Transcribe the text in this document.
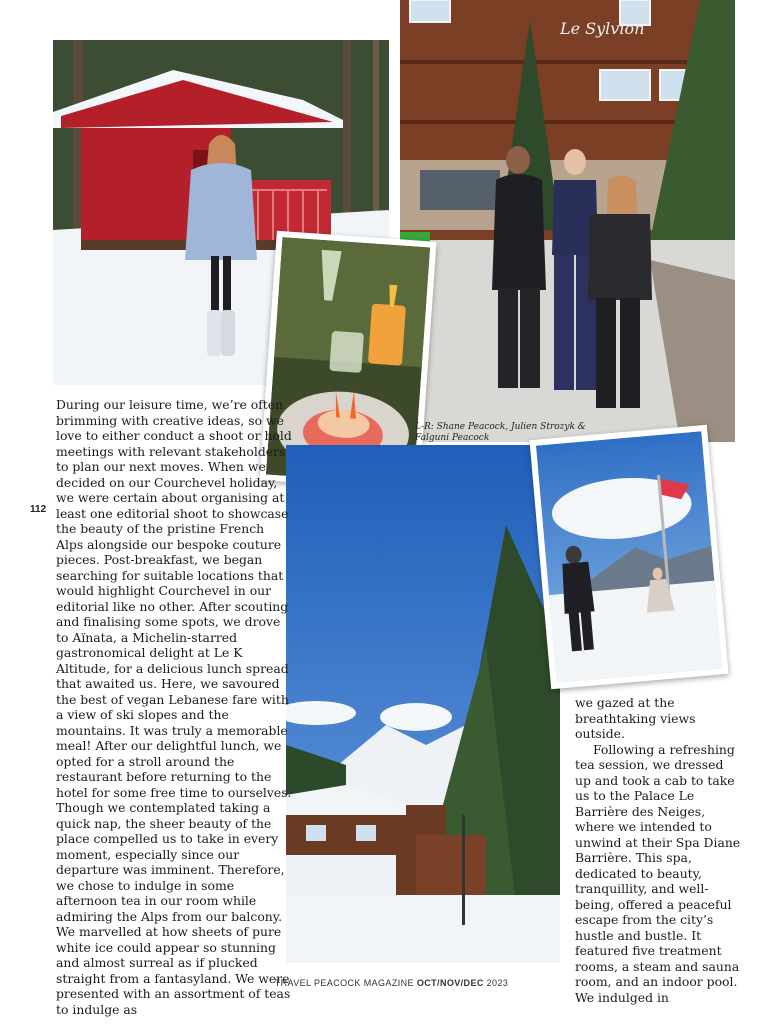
Le Sylvion
112
L-R: Shane Peacock, Julien Strozyk & Falguni Peacock

During our leisure time, we’re often brimming with creative ideas, so we love to either conduct a shoot or hold meetings with relevant stakeholders to plan our next moves. When we decided on our Courchevel holiday, we were certain about organising at least one editorial shoot to showcase the beauty of the pristine French Alps alongside our bespoke couture pieces. Post-breakfast, we began searching for suitable locations that would highlight Courchevel in our editorial like no other. After scouting and finalising some spots, we drove to Aïnata, a Michelin-starred gastronomical delight at Le K Altitude, for a delicious lunch spread that awaited us. Here, we savoured the best of vegan Lebanese fare with a view of ski slopes and the mountains. It was truly a memorable meal! After our delightful lunch, we opted for a stroll around the restaurant before returning to the hotel for some free time to ourselves. Though we contemplated taking a quick nap, the sheer beauty of the place compelled us to take in every moment, especially since our departure was imminent. Therefore, we chose to indulge in some afternoon tea in our room while admiring the Alps from our balcony. We marvelled at how sheets of pure white ice could appear so stunning and almost surreal as if plucked straight from a fantasyland. We were presented with an assortment of teas to indulge as

we gazed at the breathtaking views outside.

Following a refreshing tea session, we dressed up and took a cab to take us to the Palace Le Barrière des Neiges, where we intended to unwind at their Spa Diane Barrière. This spa, dedicated to beauty, tranquillity, and well-being, offered a peaceful escape from the city’s hustle and bustle. It featured five treatment rooms, a steam and sauna room, and an indoor pool. We indulged in

TRAVEL PEACOCK MAGAZINE OCT/NOV/DEC 2023
